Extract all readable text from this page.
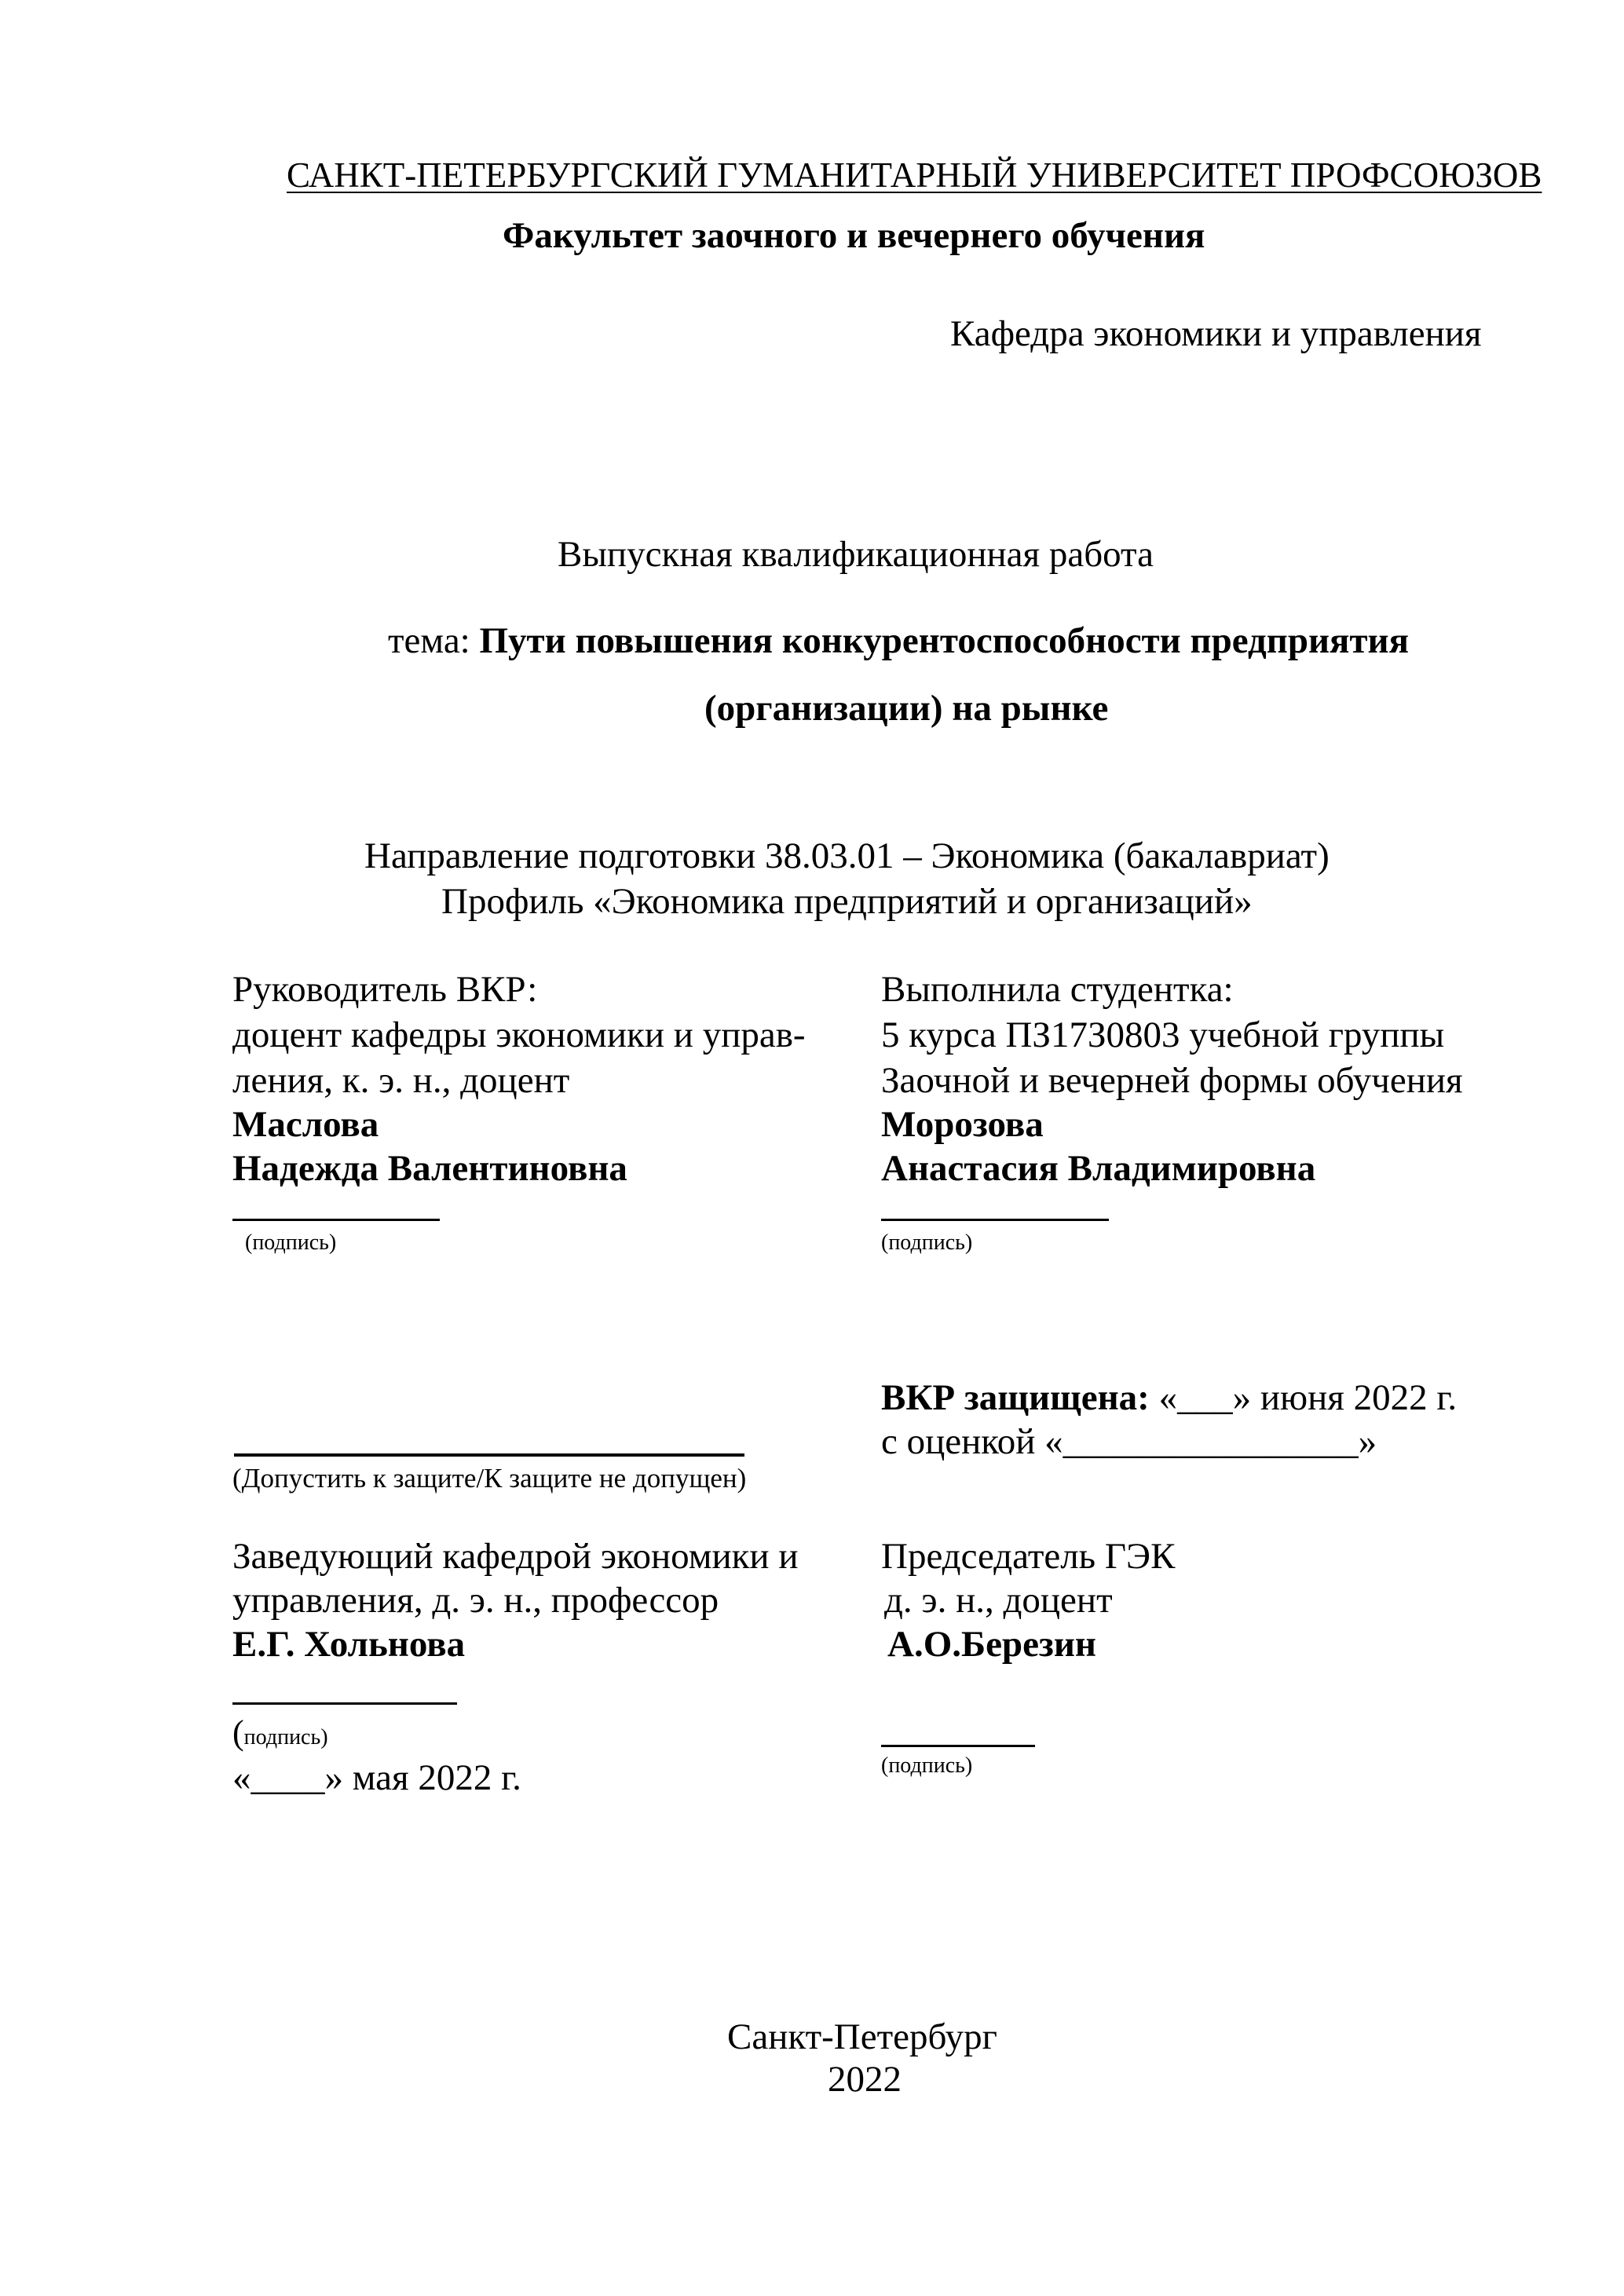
САНКТ-ПЕТЕРБУРГСКИЙ ГУМАНИТАРНЫЙ УНИВЕРСИТЕТ ПРОФСОЮЗОВ
Факультет заочного и вечернего обучения
Кафедра экономики и управления
Выпускная квалификационная работа
тема: Пути повышения конкурентоспособности предприятия
(организации) на рынке
Направление подготовки 38.03.01 – Экономика (бакалавриат)
Профиль «Экономика предприятий и организаций»
Руководитель ВКР:
доцент кафедры экономики и управ-
ления, к. э. н., доцент
Маслова
Надежда Валентиновна
(подпись)
Выполнила студентка:
5 курса ПЗ17З0803 учебной группы
Заочной и вечерней формы обучения
Морозова
Анастасия Владимировна
(подпись)
(Допустить к защите/К защите не допущен)
ВКР защищена: «___» июня 2022 г.
с оценкой «________________»
Заведующий кафедрой экономики и
управления, д. э. н., профессор
Е.Г. Хольнова
(подпись)
«____» мая 2022 г.
Председатель ГЭК
д. э. н., доцент
А.О.Березин
(подпись)
Санкт-Петербург
2022
